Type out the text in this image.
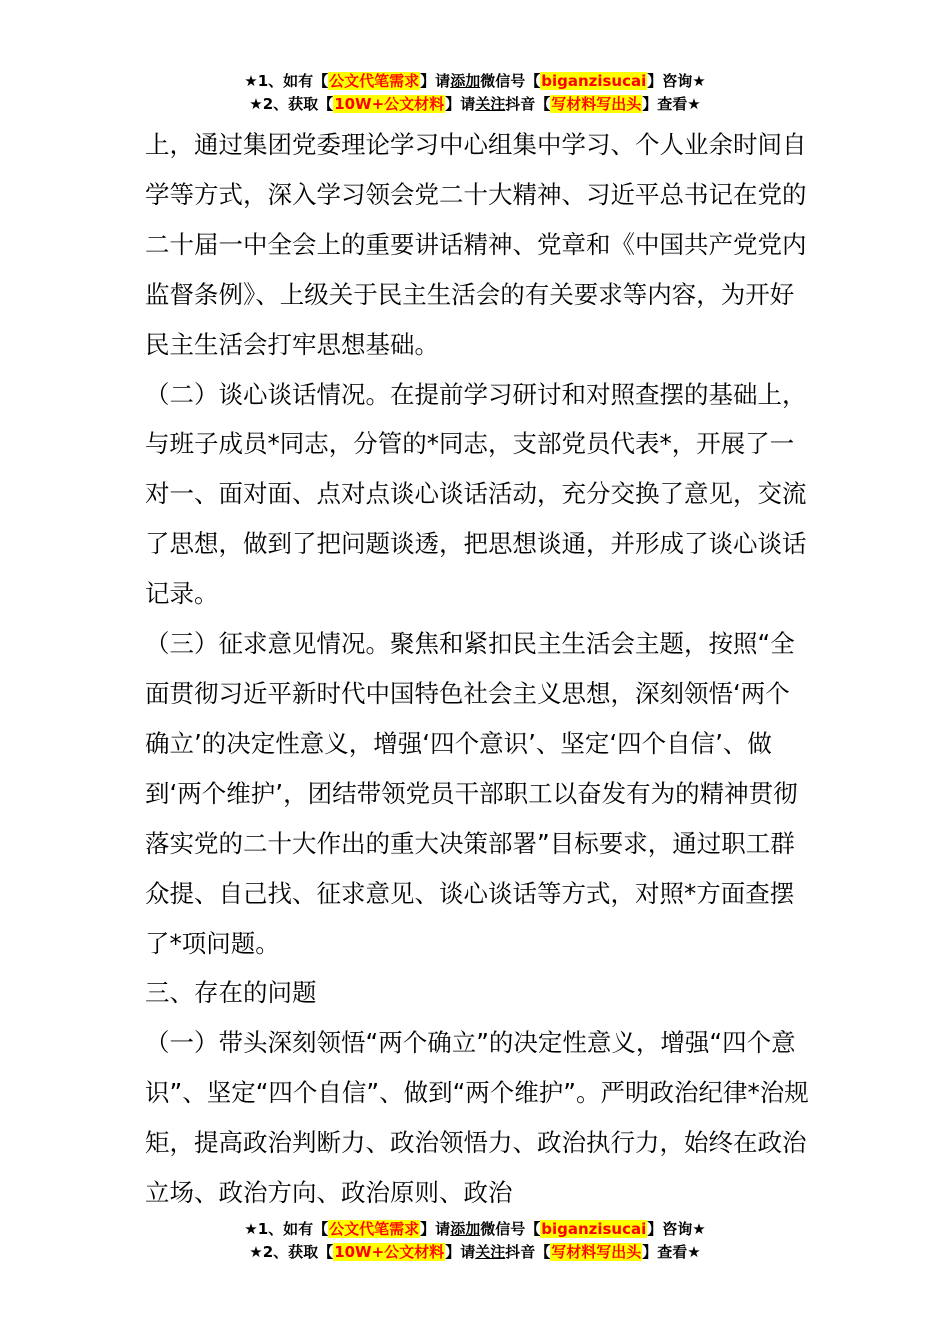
★1、如有【公文代笔需求】请添加微信号【biganzisucai】咨询★
★2、获取【10W+公文材料】请关注抖音【写材料写出头】查看★

上，通过集团党委理论学习中心组集中学习、个人业余时间自学等方式，深入学习领会党二十大精神、习近平总书记在党的二十届一中全会上的重要讲话精神、党章和《中国共产党党内监督条例》、上级关于民主生活会的有关要求等内容，为开好民主生活会打牢思想基础。

（二）谈心谈话情况。在提前学习研讨和对照查摆的基础上，与班子成员*同志，分管的*同志，支部党员代表*，开展了一对一、面对面、点对点谈心谈话活动，充分交换了意见，交流了思想，做到了把问题谈透，把思想谈通，并形成了谈心谈话记录。

（三）征求意见情况。聚焦和紧扣民主生活会主题，按照“全面贯彻习近平新时代中国特色社会主义思想，深刻领悟‘两个确立’的决定性意义，增强‘四个意识’、坚定‘四个自信’、做到‘两个维护’，团结带领党员干部职工以奋发有为的精神贯彻落实党的二十大作出的重大决策部署”目标要求，通过职工群众提、自己找、征求意见、谈心谈话等方式，对照*方面查摆了*项问题。

三、存在的问题

（一）带头深刻领悟“两个确立”的决定性意义，增强“四个意识”、坚定“四个自信”、做到“两个维护”。严明政治纪律*治规矩，提高政治判断力、政治领悟力、政治执行力，始终在政治立场、政治方向、政治原则、政治

★1、如有【公文代笔需求】请添加微信号【biganzisucai】咨询★
★2、获取【10W+公文材料】请关注抖音【写材料写出头】查看★
